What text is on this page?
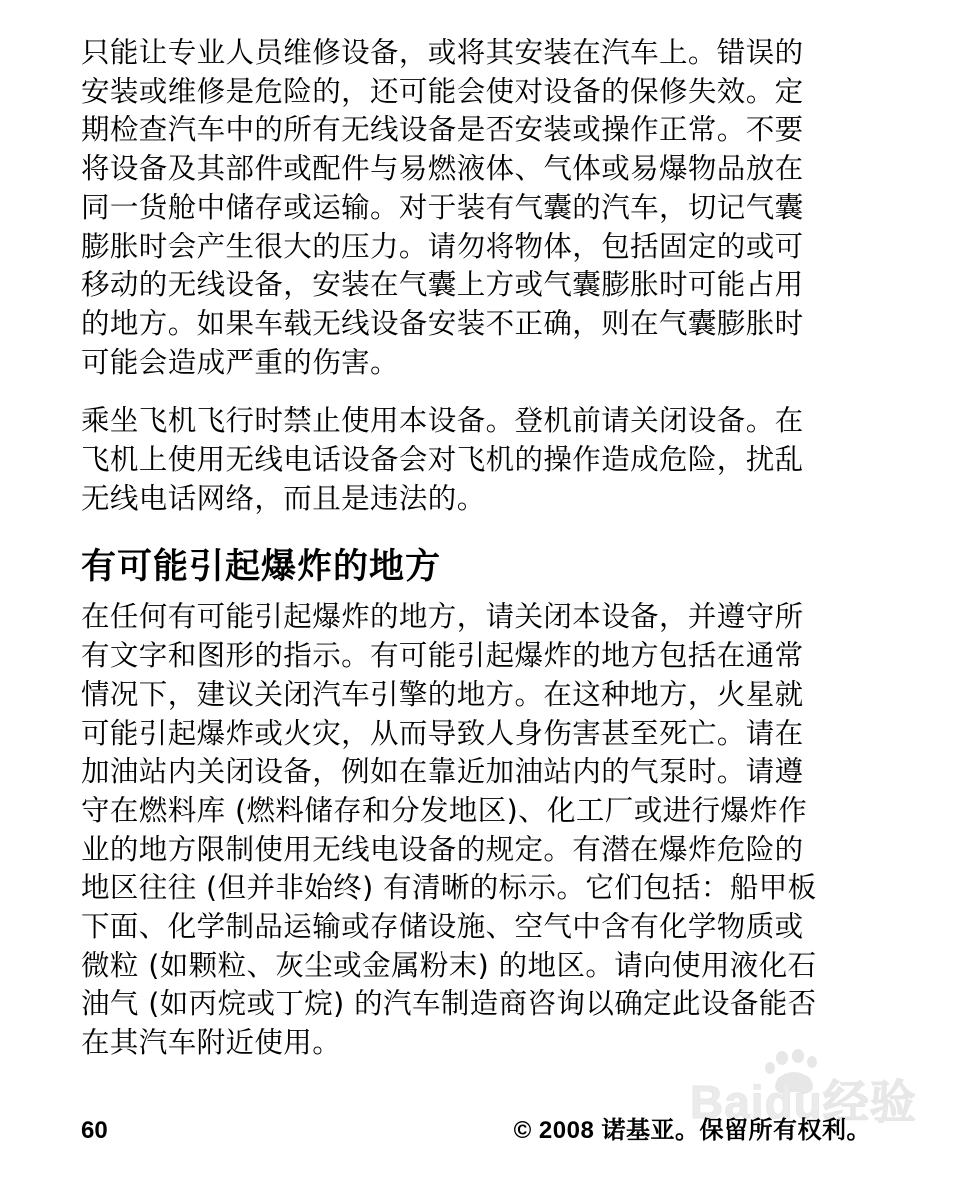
只能让专业人员维修设备，或将其安装在汽车上。错误的
安装或维修是危险的，还可能会使对设备的保修失效。定
期检查汽车中的所有无线设备是否安装或操作正常。不要
将设备及其部件或配件与易燃液体、气体或易爆物品放在
同一货舱中储存或运输。对于装有气囊的汽车，切记气囊
膨胀时会产生很大的压力。请勿将物体，包括固定的或可
移动的无线设备，安装在气囊上方或气囊膨胀时可能占用
的地方。如果车载无线设备安装不正确，则在气囊膨胀时
可能会造成严重的伤害。

乘坐飞机飞行时禁止使用本设备。登机前请关闭设备。在
飞机上使用无线电话设备会对飞机的操作造成危险，扰乱
无线电话网络，而且是违法的。

有可能引起爆炸的地方

在任何有可能引起爆炸的地方，请关闭本设备，并遵守所
有文字和图形的指示。有可能引起爆炸的地方包括在通常
情况下，建议关闭汽车引擎的地方。在这种地方，火星就
可能引起爆炸或火灾，从而导致人身伤害甚至死亡。请在
加油站内关闭设备，例如在靠近加油站内的气泵时。请遵
守在燃料库 (燃料储存和分发地区)、化工厂或进行爆炸作
业的地方限制使用无线电设备的规定。有潜在爆炸危险的
地区往往 (但并非始终) 有清晰的标示。它们包括：船甲板
下面、化学制品运输或存储设施、空气中含有化学物质或
微粒 (如颗粒、灰尘或金属粉末) 的地区。请向使用液化石
油气 (如丙烷或丁烷) 的汽车制造商咨询以确定此设备能否
在其汽车附近使用。

Baidu经验
60	© 2008 诺基亚。保留所有权利。
